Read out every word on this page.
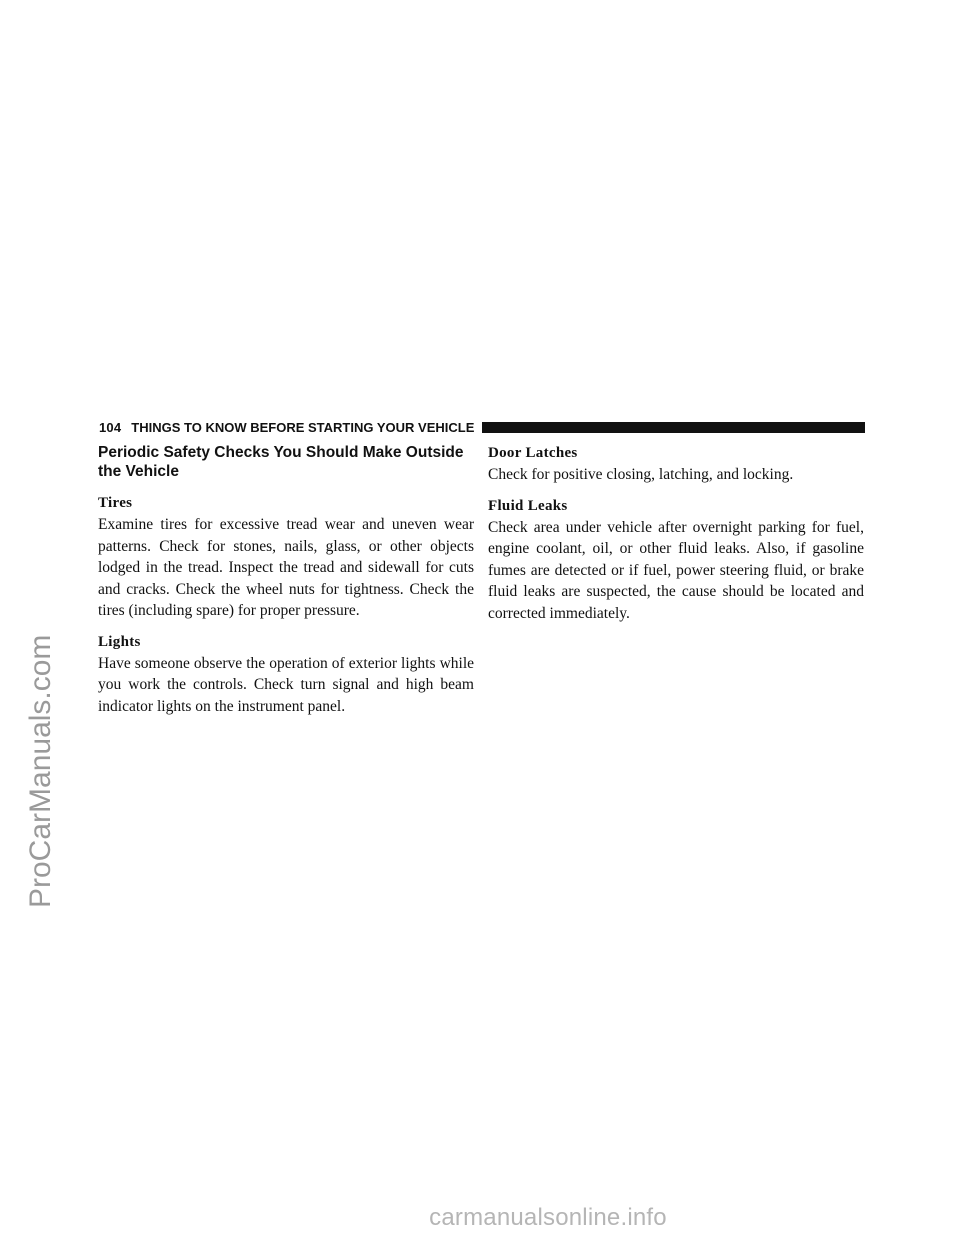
ProCarManuals.com
104 THINGS TO KNOW BEFORE STARTING YOUR VEHICLE
Periodic Safety Checks You Should Make Outside the Vehicle
Tires

Examine tires for excessive tread wear and uneven wear patterns. Check for stones, nails, glass, or other objects lodged in the tread. Inspect the tread and sidewall for cuts and cracks. Check the wheel nuts for tightness. Check the tires (including spare) for proper pressure.

Lights

Have someone observe the operation of exterior lights while you work the controls. Check turn signal and high beam indicator lights on the instrument panel.

Door Latches

Check for positive closing, latching, and locking.

Fluid Leaks

Check area under vehicle after overnight parking for fuel, engine coolant, oil, or other fluid leaks. Also, if gasoline fumes are detected or if fuel, power steering fluid, or brake fluid leaks are suspected, the cause should be located and corrected immediately.

carmanualsonline.info
